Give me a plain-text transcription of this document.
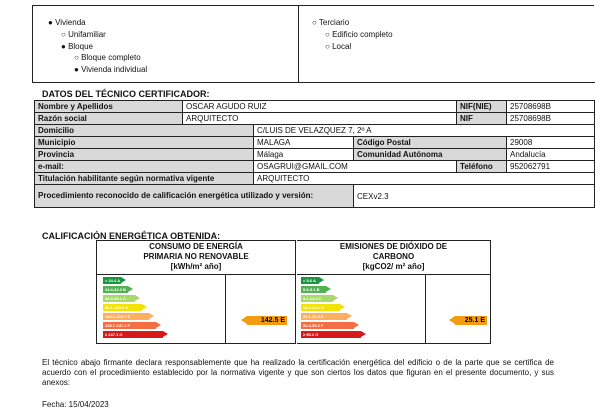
● Vivienda
○ Unifamiliar
● Bloque
○ Bloque completo
● Vivienda individual
○ Terciario
○ Edificio completo
○ Local
DATOS DEL TÉCNICO CERTIFICADOR:
Nombre y Apellidos	OSCAR AGUDO RUIZ			NIF(NIE)	25708698B
Razón social	ARQUITECTO			NIF	25708698B
Domicilio		C/LUIS DE VELAZQUEZ 7, 2º A			
Municipio		MALAGA	Código Postal		29008
Provincia		Málaga	Comunidad Autónoma		Andalucía
e-mail:		OSAGRUI@GMAIL.COM		Teléfono	952062791
Titulación habilitante según normativa vigente		ARQUITECTO			
Procedimiento reconocido de calificación energética utilizado y versión:			CEXv2.3		
CALIFICACIÓN ENERGÉTICA OBTENIDA:
CONSUMO DE ENERGÍA
PRIMARIA NO RENOVABLE
[kWh/m² año]
< 24.4 A
24.4-42.3 B
42.3-65.1 C
65.1-100.2 D
100.2-229.7 E
229.7-247.1 F
≥ 247.1 G
142.5 E
EMISIONES DE DIÓXIDO DE
CARBONO
[kgCO2/ m² año]
< 5.6 A
5.6-9.1 B
9.1-14.4 C
14.4-22.1 D
22.1-52.4 E
52.4-55.2 F
≥ 55.2 G
25.1 E
El técnico abajo firmante declara responsablemente que ha realizado la certificación energética del edificio o de la parte que se certifica de acuerdo con el procedimiento establecido por la normativa vigente y que son ciertos los datos que figuran en el presente documento, y sus anexos:
Fecha: 15/04/2023
